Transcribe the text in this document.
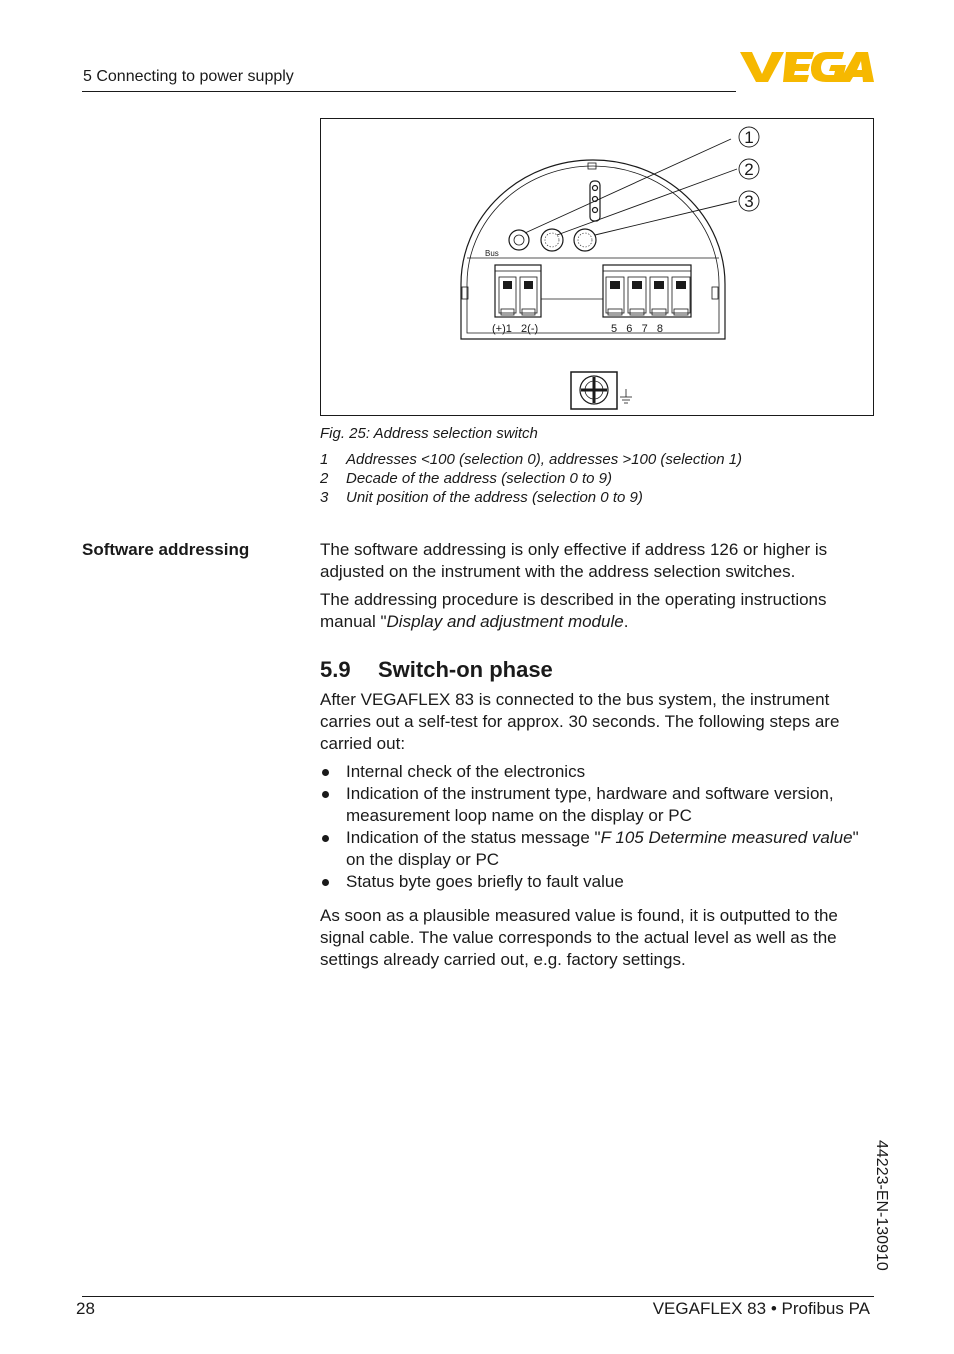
5 Connecting to power supply
1
2
3
Bus
(+)1   2(-)	5   6   7   8
Fig. 25: Address selection switch
1	Addresses <100 (selection 0), addresses >100 (selection 1)
2	Decade of the address (selection 0 to 9)
3	Unit position of the address (selection 0 to 9)
Software addressing	The software addressing is only effective if address 126 or higher is adjusted on the instrument with the address selection switches.

The addressing procedure is described in the operating instructions manual "Display and adjustment module.

5.9 Switch-on phase
After VEGAFLEX 83 is connected to the bus system, the instrument carries out a self-test for approx. 30 seconds. The following steps are carried out:
Internal check of the electronics
Indication of the instrument type, hardware and software version, measurement loop name on the display or PC
Indication of the status message "F 105 Determine measured value" on the display or PC
Status byte goes briefly to fault value
As soon as a plausible measured value is found, it is outputted to the signal cable. The value corresponds to the actual level as well as the settings already carried out, e.g. factory settings.
44223-EN-130910
28	VEGAFLEX 83 • Profibus PA
